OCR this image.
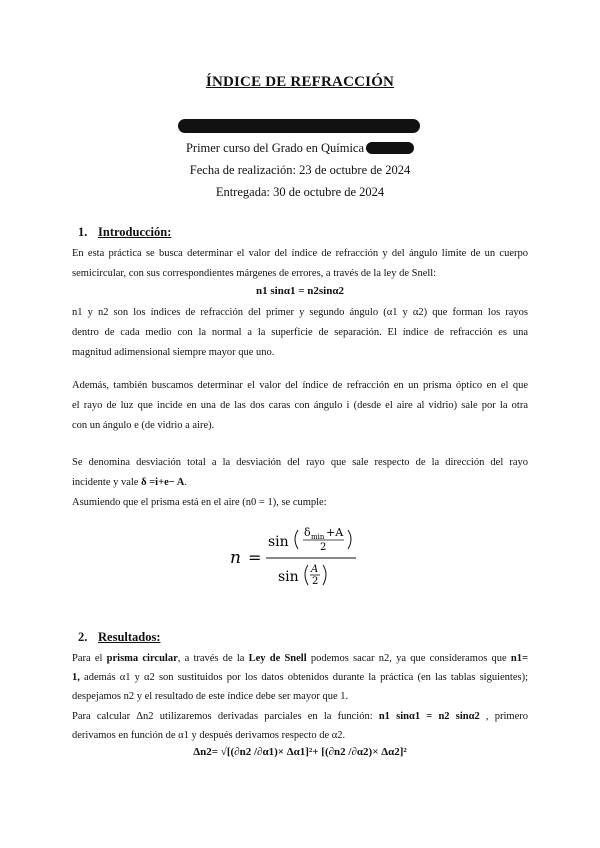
ÍNDICE DE REFRACCIÓN
Primer curso del Grado en Química
Fecha de realización: 23 de octubre de 2024
Entregada: 30 de octubre de 2024
1. Introducción:
En esta práctica se busca determinar el valor del índice de refracción y del ángulo límite de un cuerpo
semicircular, con sus correspondientes márgenes de errores, a través de la ley de Snell:
n1 sinα1 = n2sinα2
n1 y n2 son los índices de refracción del primer y segundo ángulo (α1 y α2) que forman los rayos
dentro de cada medio con la normal a la superficie de separación. El índice de refracción es una
magnitud adimensional siempre mayor que uno.
Además, también buscamos determinar el valor del índice de refracción en un prisma óptico en el que
el rayo de luz que incide en una de las dos caras con ángulo i (desde el aire al vidrio) sale por la otra
con un ángulo e (de vidrio a aire).
Se denomina desviación total a la desviación del rayo que sale respecto de la dirección del rayo
incidente y vale δ =i+e− A.
Asumiendo que el prisma está en el aire (n0 = 1), se cumple:
n =
sin
δ min +A
2
sin A
2
2. Resultados:
Para el prisma circular, a través de la Ley de Snell podemos sacar n2, ya que consideramos que n1=
1, además α1 y α2 son sustituidos por los datos obtenidos durante la práctica (en las tablas siguientes);
despejamos n2 y el resultado de este índice debe ser mayor que 1.
Para calcular Δn2 utilizaremos derivadas parciales en la función: n1 sinα1 = n2 sinα2 , primero
derivamos en función de α1 y después derivamos respecto de α2.
Δn2= √[(∂n2 /∂α1)× Δα1]²+ [(∂n2 /∂α2)× Δα2]²
